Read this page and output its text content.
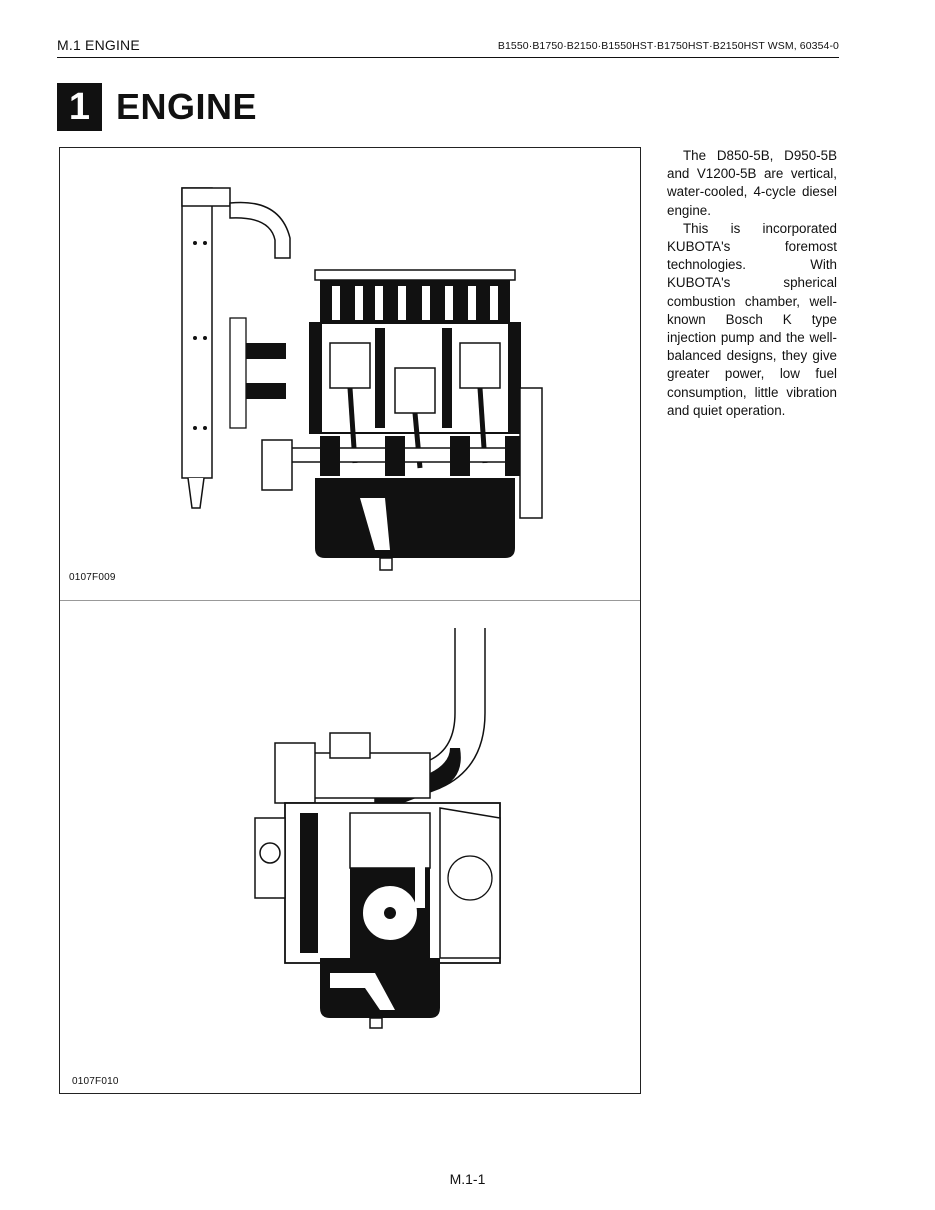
M.1 ENGINE	B1550·B1750·B2150·B1550HST·B1750HST·B2150HST WSM, 60354-0
1 ENGINE
0107F009
0107F010

The D850-5B, D950-5B and V1200-5B are vertical, water-cooled, 4-cycle diesel engine.

This is incorporated KUBOTA's foremost technologies. With KUBOTA's spherical combustion chamber, well-known Bosch K type injection pump and the well-balanced designs, they give greater power, low fuel consumption, little vibration and quiet operation.

M.1-1
